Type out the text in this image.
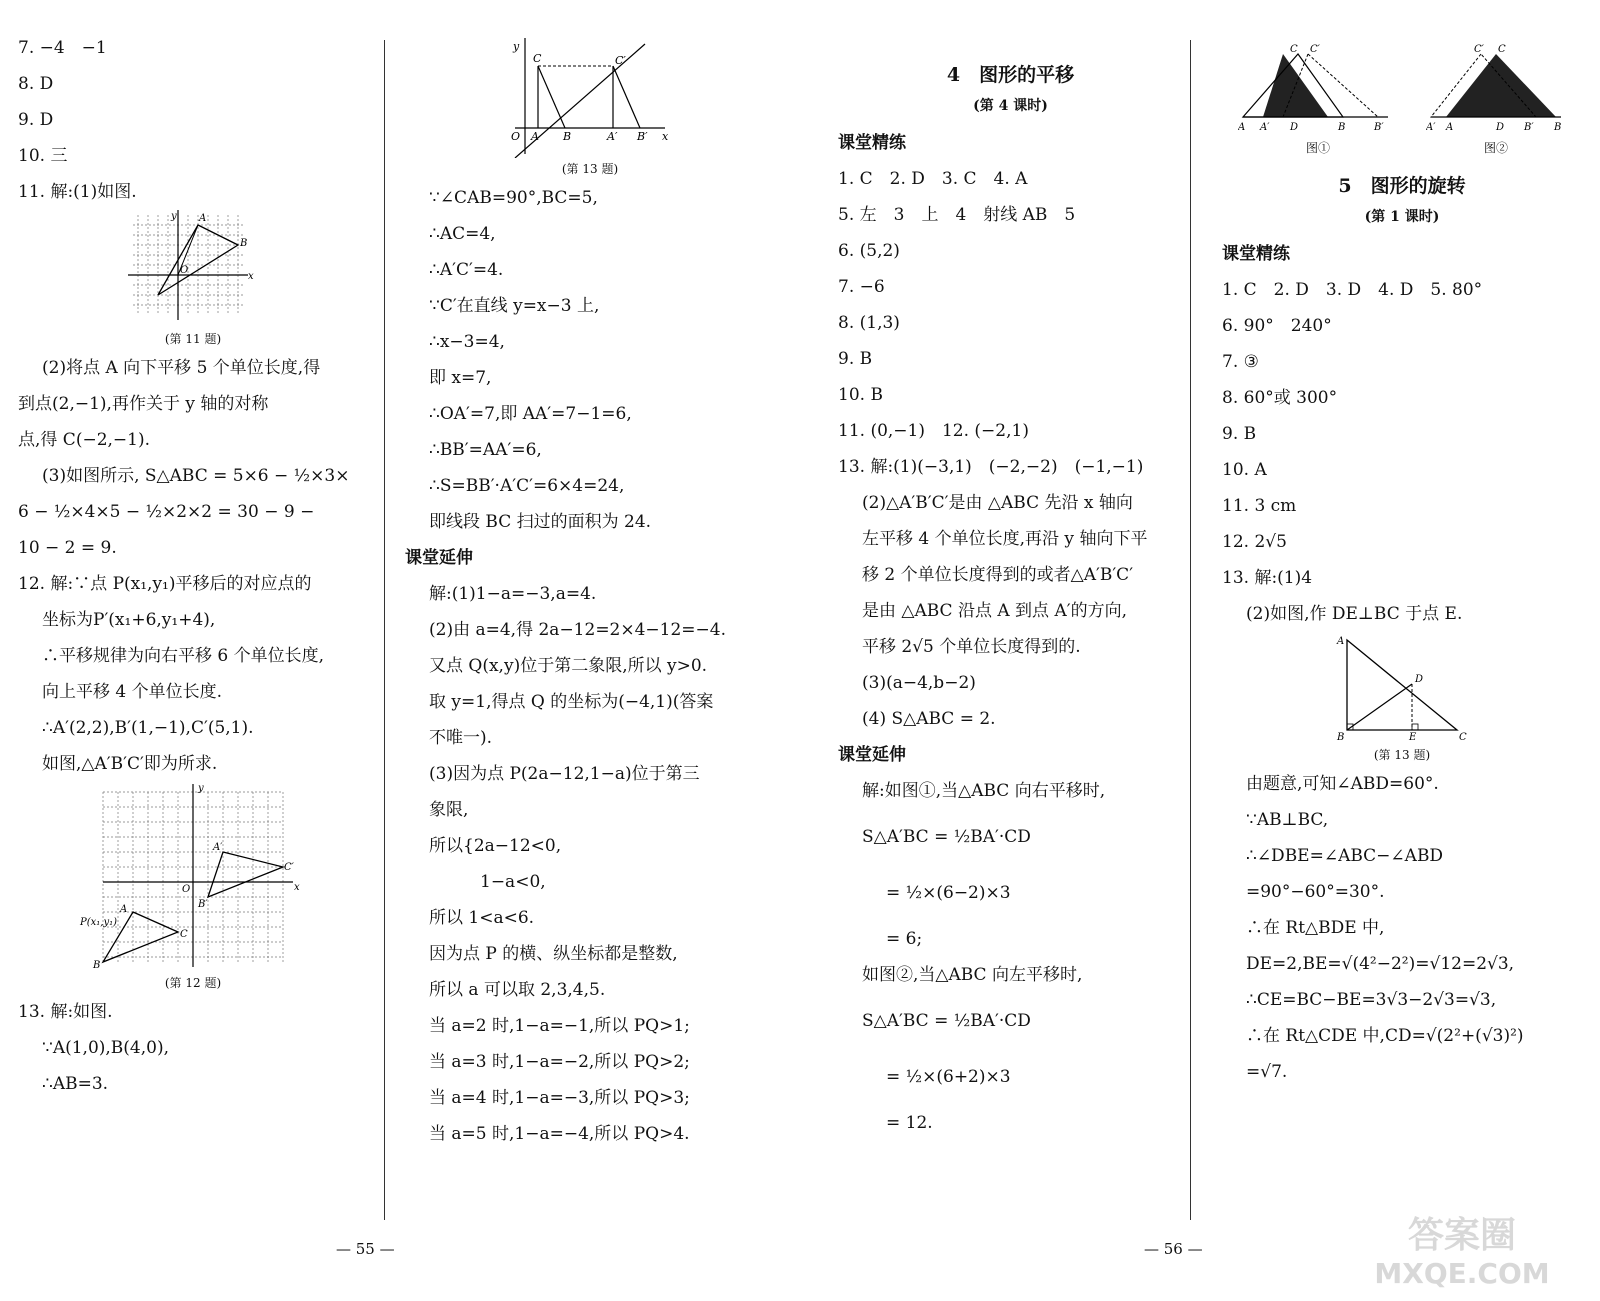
7. −4　−1
8. D
9. D
10. 三
11. 解:(1)如图.
y A
B
O
x
(第 11 题)
(2)将点 A 向下平移 5 个单位长度,得
到点(2,−1),再作关于 y 轴的对称
点,得 C(−2,−1).
(3)如图所示, S△ABC = 5×6 − ½×3×
6 − ½×4×5 − ½×2×2 = 30 − 9 −
10 − 2 = 9.
12. 解:∵点 P(x₁,y₁)平移后的对应点的
坐标为P′(x₁+6,y₁+4),
∴平移规律为向右平移 6 个单位长度,
向上平移 4 个单位长度.
∴A′(2,2),B′(1,−1),C′(5,1).
如图,△A′B′C′即为所求.
y
x
O
A′
C′
B′
A
P(x₁,y₁)
C
B
(第 12 题)
13. 解:如图.
∵A(1,0),B(4,0),
∴AB=3.
y
C	C′
O A B	A′ B′ x
(第 13 题)
∵∠CAB=90°,BC=5,
∴AC=4,
∴A′C′=4.
∵C′在直线 y=x−3 上,
∴x−3=4,
即 x=7,
∴OA′=7,即 AA′=7−1=6,
∴BB′=AA′=6,
∴S=BB′·A′C′=6×4=24,
即线段 BC 扫过的面积为 24.
课堂延伸
解:(1)1−a=−3,a=4.
(2)由 a=4,得 2a−12=2×4−12=−4.
又点 Q(x,y)位于第二象限,所以 y>0.
取 y=1,得点 Q 的坐标为(−4,1)(答案
不唯一).
(3)因为点 P(2a−12,1−a)位于第三
象限,
所以{2a−12<0,
　　　1−a<0,
所以 1<a<6.
因为点 P 的横、纵坐标都是整数,
所以 a 可以取 2,3,4,5.
当 a=2 时,1−a=−1,所以 PQ>1;
当 a=3 时,1−a=−2,所以 PQ>2;
当 a=4 时,1−a=−3,所以 PQ>3;
当 a=5 时,1−a=−4,所以 PQ>4.
4　图形的平移
(第 4 课时)
课堂精练
1. C　2. D　3. C　4. A
5. 左　3　上　4　射线 AB　5
6. (5,2)
7. −6
8. (1,3)
9. B
10. B
11. (0,−1)　12. (−2,1)
13. 解:(1)(−3,1)　(−2,−2)　(−1,−1)
(2)△A′B′C′是由 △ABC 先沿 x 轴向
左平移 4 个单位长度,再沿 y 轴向下平
移 2 个单位长度得到的或者△A′B′C′
是由 △ABC 沿点 A 到点 A′的方向,
平移 2√5 个单位长度得到的.
(3)(a−4,b−2)
(4) S△ABC = 2.
课堂延伸
解:如图①,当△ABC 向右平移时,
S△A′BC = ½BA′·CD
= ½×(6−2)×3
= 6;
如图②,当△ABC 向左平移时,
S△A′BC = ½BA′·CD
= ½×(6+2)×3
= 12.
C C′
A A′ D	B	B′
图①
C′ C
A′ A	D B′ B
图②
5　图形的旋转
(第 1 课时)
课堂精练
1. C　2. D　3. D　4. D　5. 80°
6. 90°　240°
7. ③
8. 60°或 300°
9. B
10. A
11. 3 cm
12. 2√5
13. 解:(1)4
(2)如图,作 DE⊥BC 于点 E.
A
D
B	E	C
(第 13 题)
由题意,可知∠ABD=60°.
∵AB⊥BC,
∴∠DBE=∠ABC−∠ABD
=90°−60°=30°.
∴在 Rt△BDE 中,
DE=2,BE=√(4²−2²)=√12=2√3,
∴CE=BC−BE=3√3−2√3=√3,
∴在 Rt△CDE 中,CD=√(2²+(√3)²)
=√7.
— 55 —	— 56 —	答案圈
MXQE.COM
